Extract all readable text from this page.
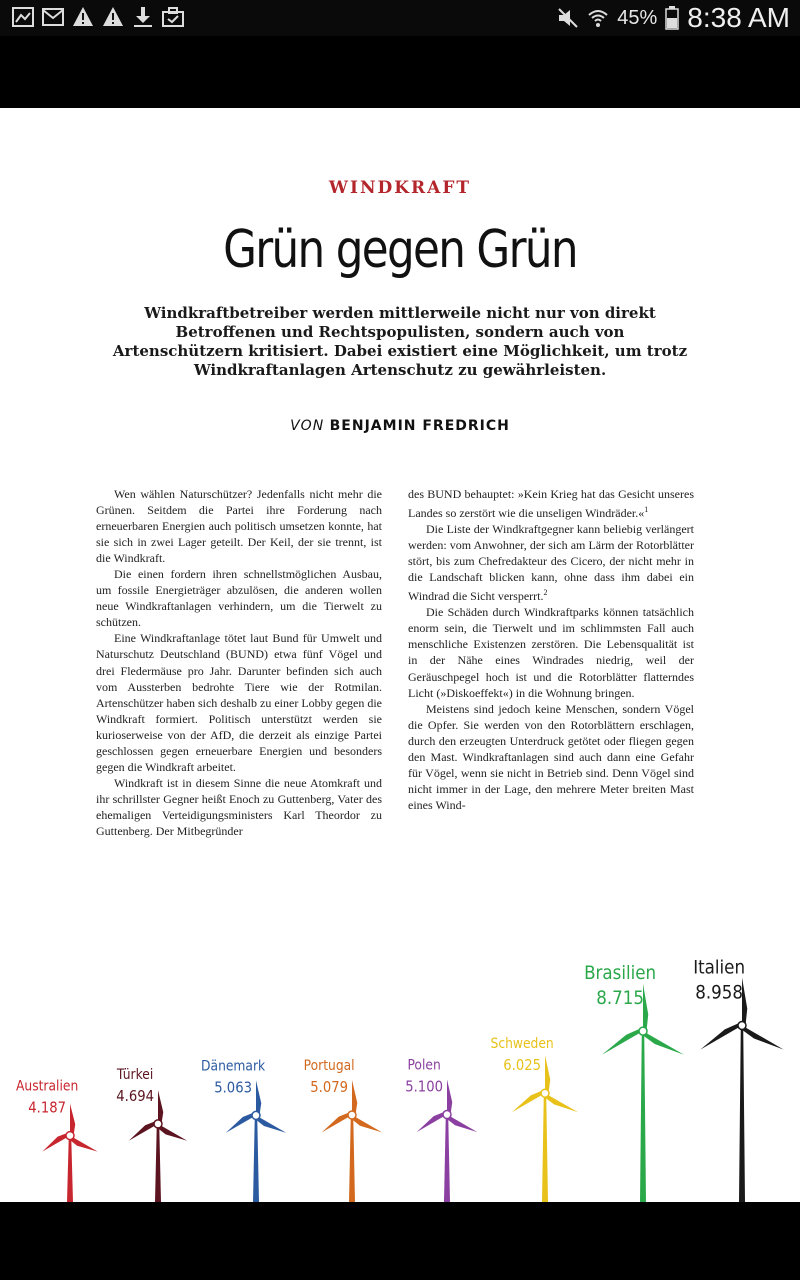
45% 8:38 AM
WINDKRAFT
Grün gegen Grün
Windkraftbetreiber werden mittlerweile nicht nur von direkt Betroffenen und Rechtspopulisten, sondern auch von Artenschützern kritisiert. Dabei existiert eine Möglichkeit, um trotz Windkraftanlagen Artenschutz zu gewährleisten.
VON BENJAMIN FREDRICH

Wen wählen Naturschützer? Jedenfalls nicht mehr die Grünen. Seitdem die Partei ihre Forderung nach erneuerbaren Energien auch politisch umsetzen konnte, hat sie sich in zwei Lager geteilt. Der Keil, der sie trennt, ist die Windkraft.

Die einen fordern ihren schnellstmöglichen Ausbau, um fossile Energieträger abzulösen, die anderen wollen neue Windkraftanlagen verhindern, um die Tierwelt zu schützen.

Eine Windkraftanlage tötet laut Bund für Umwelt und Naturschutz Deutschland (BUND) etwa fünf Vögel und drei Fledermäuse pro Jahr. Darunter befinden sich auch vom Aussterben bedrohte Tiere wie der Rotmilan. Artenschützer haben sich deshalb zu einer Lobby gegen die Windkraft formiert. Politisch unterstützt werden sie kurioserweise von der AfD, die derzeit als einzige Partei geschlossen gegen erneuerbare Energien und besonders gegen die Windkraft arbeitet.

Windkraft ist in diesem Sinne die neue Atomkraft und ihr schrillster Gegner heißt Enoch zu Guttenberg, Vater des ehemaligen Verteidigungsministers Karl Theordor zu Guttenberg. Der Mitbegründer

des BUND behauptet: »Kein Krieg hat das Gesicht unseres Landes so zerstört wie die unseligen Windräder.«$^1$

Die Liste der Windkraftgegner kann beliebig verlängert werden: vom Anwohner, der sich am Lärm der Rotorblätter stört, bis zum Chefredakteur des Cicero, der nicht mehr in die Landschaft blicken kann, ohne dass ihm dabei ein Windrad die Sicht versperrt.$^2$

Die Schäden durch Windkraftparks können tatsächlich enorm sein, die Tierwelt und im schlimmsten Fall auch menschliche Existenzen zerstören. Die Lebensqualität ist in der Nähe eines Windrades niedrig, weil der Geräuschpegel hoch ist und die Rotorblätter flatterndes Licht (»Diskoeffekt«) in die Wohnung bringen.

Meistens sind jedoch keine Menschen, sondern Vögel die Opfer. Sie werden von den Rotorblättern erschlagen, durch den erzeugten Unterdruck getötet oder fliegen gegen den Mast. Windkraftanlagen sind auch dann eine Gefahr für Vögel, wenn sie nicht in Betrieb sind. Denn Vögel sind nicht immer in der Lage, den mehrere Meter breiten Mast eines Wind-

Australien
4.187
Türkei
4.694
Dänemark
5.063
Portugal
5.079
Polen
5.100
Schweden
6.025
Brasilien
8.715
Italien
8.958
